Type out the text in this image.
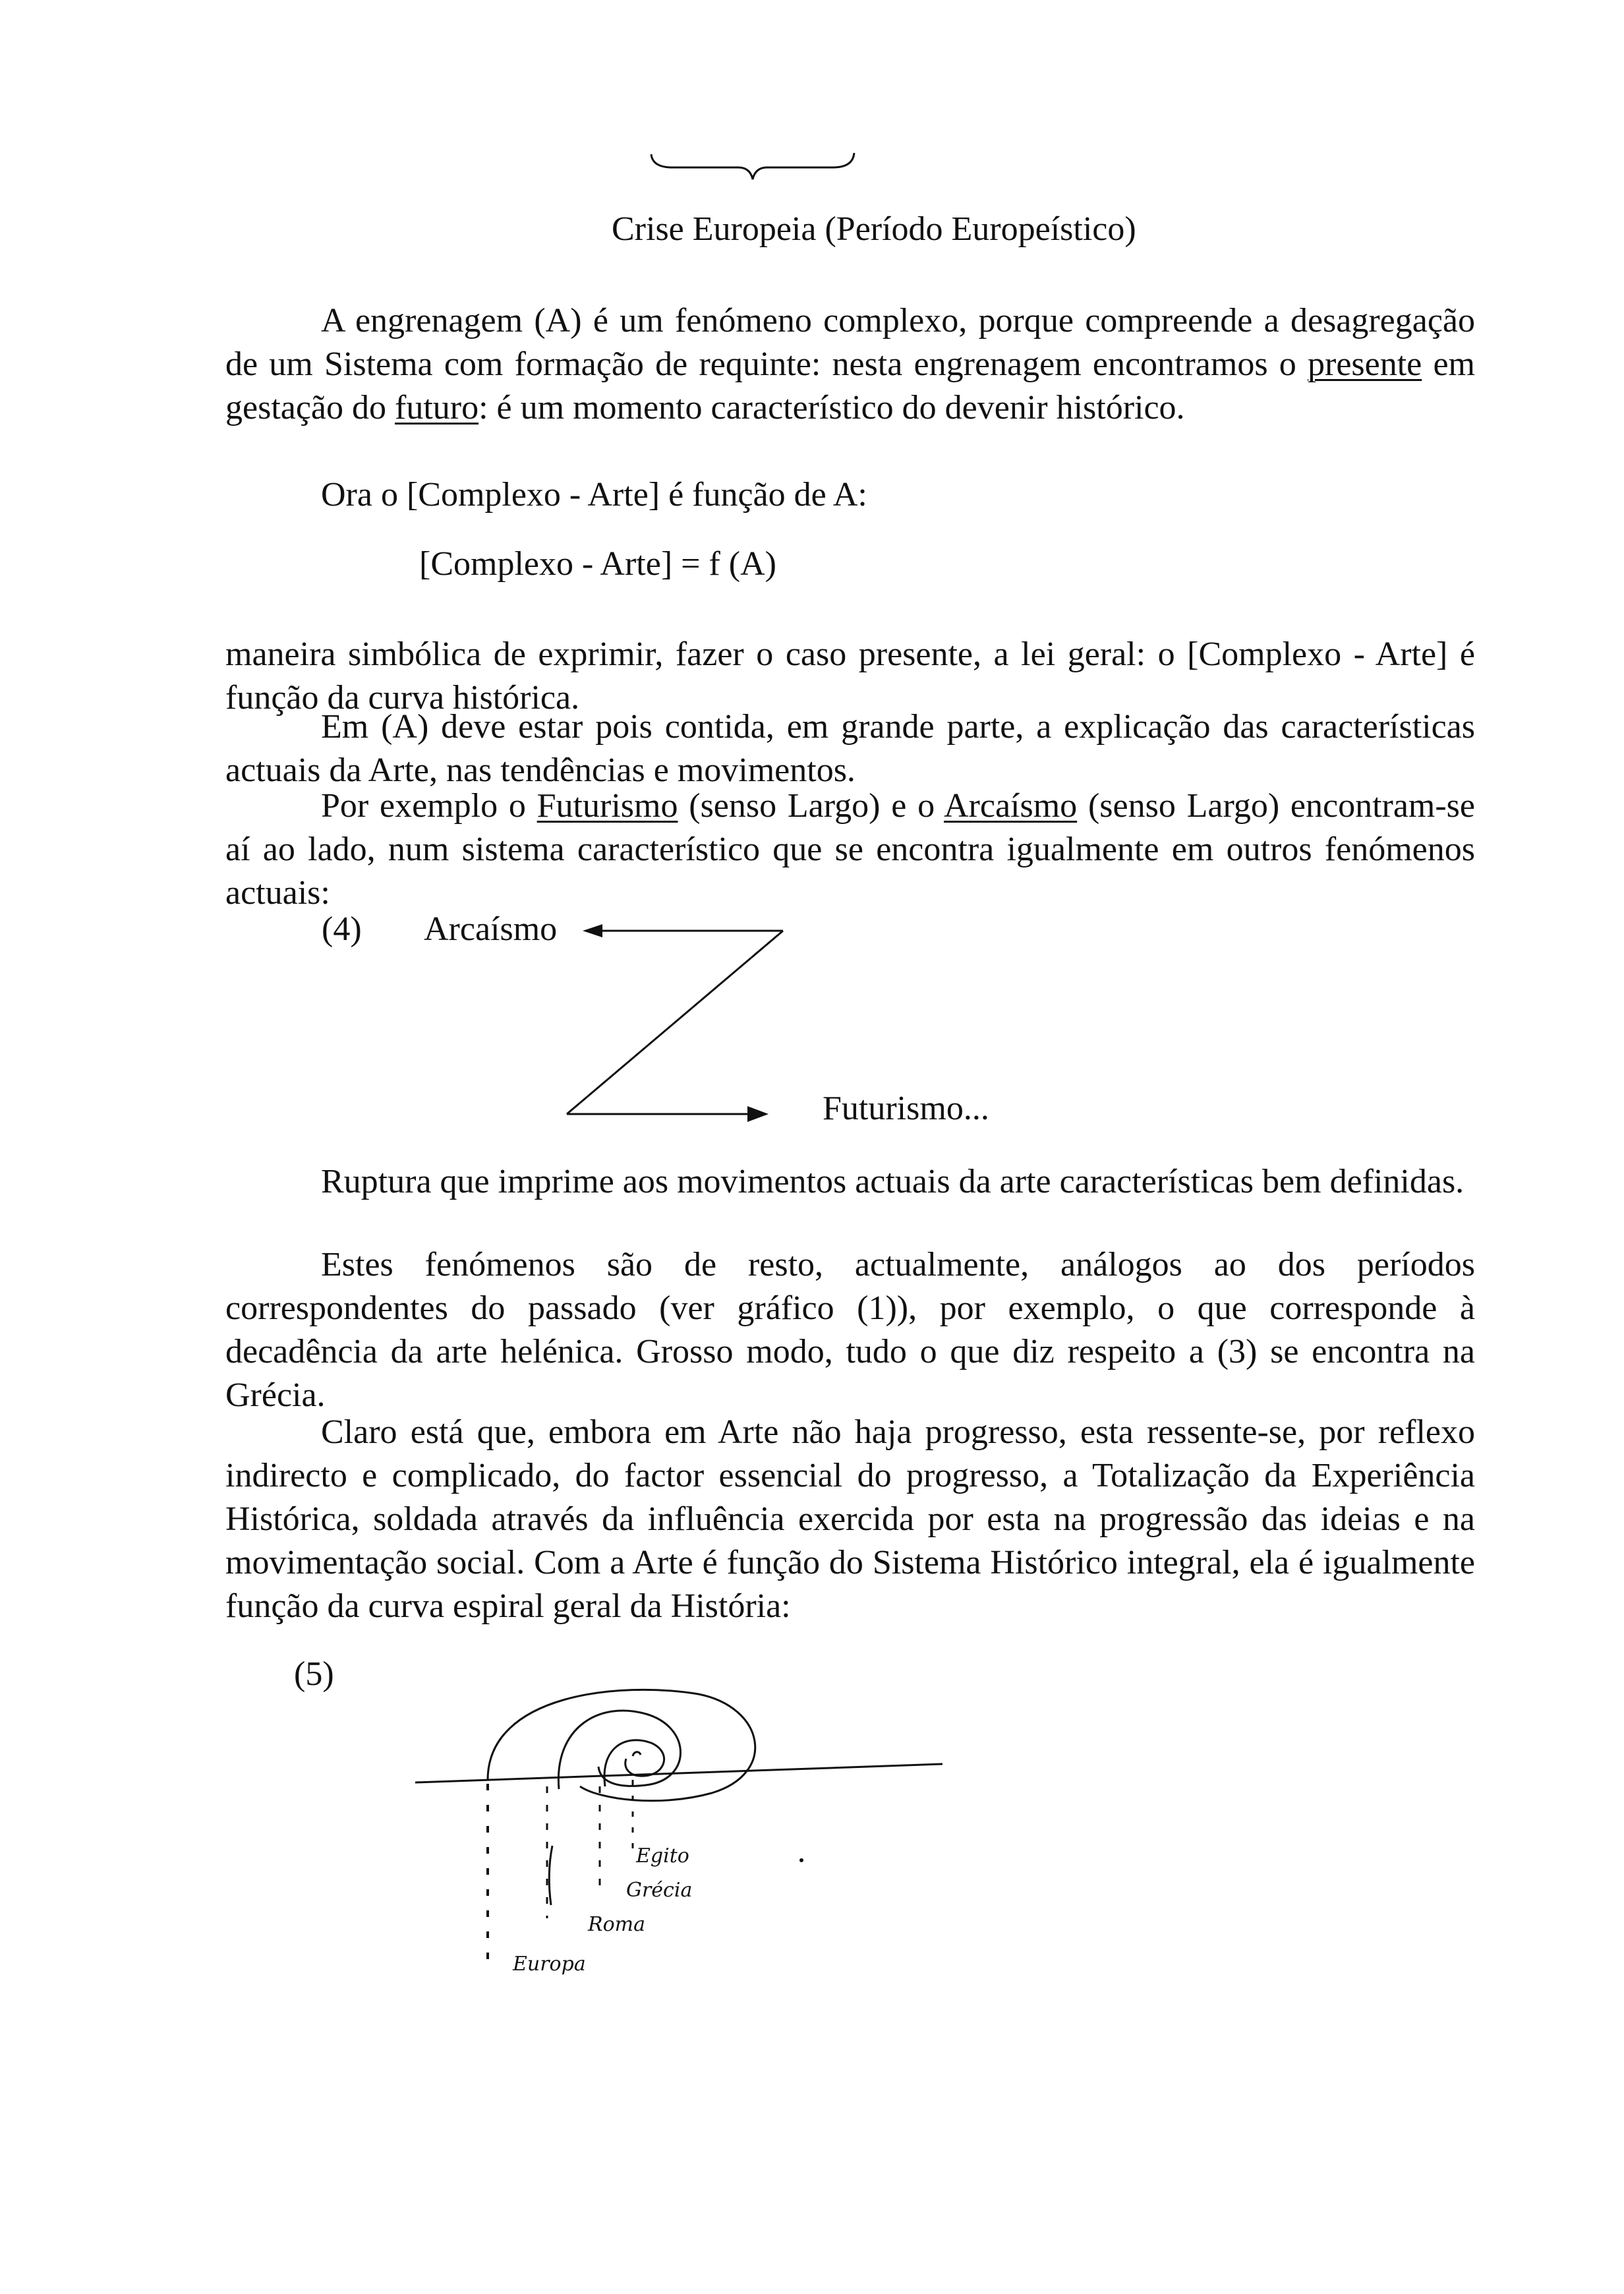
Crise Europeia (Período Europeístico)

A engrenagem (A) é um fenómeno complexo, porque compreende a desagregação de um Sistema com formação de requinte: nesta engrenagem encontramos o presente em gestação do futuro: é um momento característico do devenir histórico.

Ora o [Complexo - Arte] é função de A:

[Complexo - Arte] = f (A)

maneira simbólica de exprimir, fazer o caso presente, a lei geral: o [Complexo - Arte] é função da curva histórica.

Em (A) deve estar pois contida, em grande parte, a explicação das características actuais da Arte, nas tendências e movimentos.

Por exemplo o Futurismo (senso Largo) e o Arcaísmo (senso Largo) encontram-se aí ao lado, num sistema característico que se encontra igualmente em outros fenómenos actuais:

(4) Arcaísmo
Futurismo...

Ruptura que imprime aos movimentos actuais da arte características bem definidas.

Estes fenómenos são de resto, actualmente, análogos ao dos períodos correspondentes do passado (ver gráfico (1)), por exemplo, o que corresponde à decadência da arte helénica. Grosso modo, tudo o que diz respeito a (3) se encontra na Grécia.

Claro está que, embora em Arte não haja progresso, esta ressente-se, por reflexo indirecto e complicado, do factor essencial do progresso, a Totalização da Experiência Histórica, soldada através da influência exercida por esta na progressão das ideias e na movimentação social. Com a Arte é função do Sistema Histórico integral, ela é igualmente função da curva espiral geral da História:

(5)
Egito
Grécia
Roma
Europa
